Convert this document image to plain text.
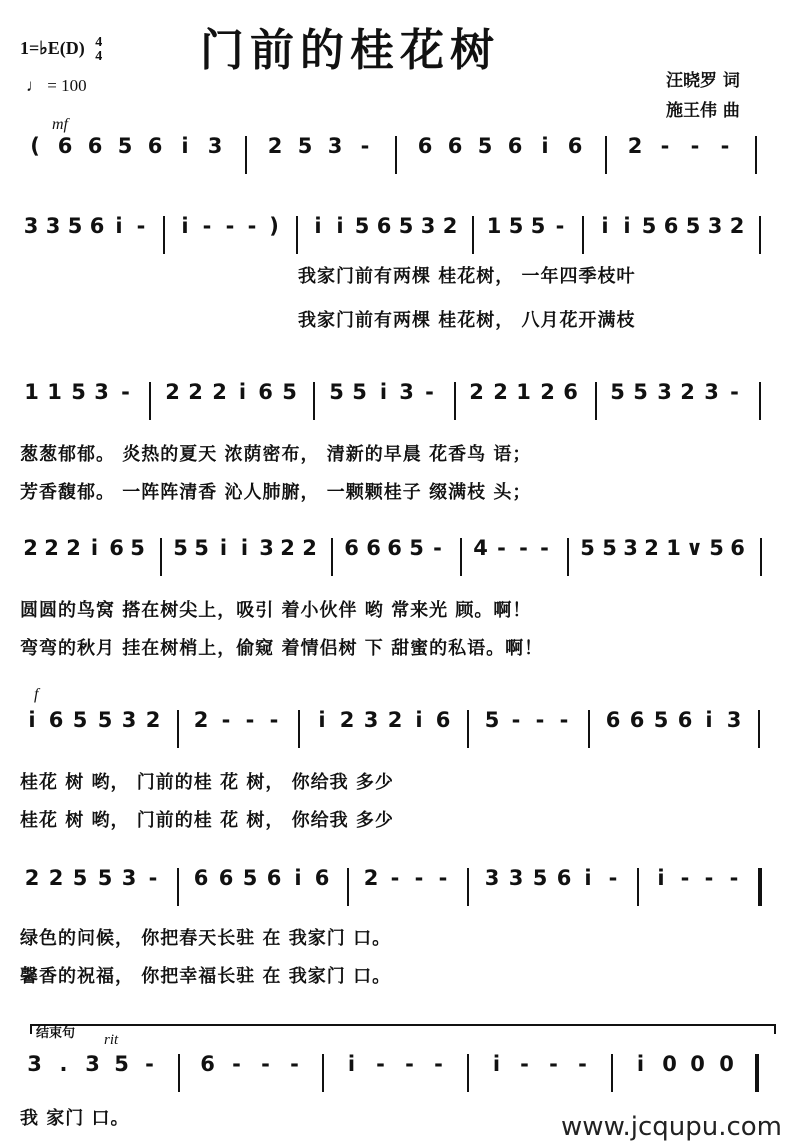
1=♭E(D) 4
4
♩ = 100
门前的桂花树
汪晓罗 词
施王伟 曲
mf
f
结束句 rit
( 6 6 5 6 i 3	2 5 3 -	6 6 5 6 i 6	2 -	-	-
3 3 5 6 i -	i - - - )	i i 5 6 5 3 2 1 5 5 -	i i 5 6 5 3 2
1 1 5 3 -	2 2 2 i 6 5 5 5 i 3 -	2 2 1 2 6 5 5 3 2 3 -
2 2 2 i 6 5 5 5 i i 3 2 2 6 6 6 5 - 4 - - - 5 5 3 2 1 ∨ 5 6
i 6 5 5 3 2 2 - - -	i 2 3 2 i 6 5 - - -	6 6 5 6 i 3
2 2 5 5 3 -	6 6 5 6 i 6 2 - - -	3 3 5 6 i -	i - - -
3 . 3 5 -	6 - - -	i	- - -	i - - -	i 0 0 0
我家门前有两棵 桂花树， 一年四季枝叶
我家门前有两棵 桂花树， 八月花开满枝
葱葱郁郁。 炎热的夏天 浓荫密布， 清新的早晨 花香鸟 语；
芳香馥郁。 一阵阵清香 沁人肺腑， 一颗颗桂子 缀满枝 头；
圆圆的鸟窝 搭在树尖上，吸引 着小伙伴 哟 常来光 顾。啊！
弯弯的秋月 挂在树梢上，偷窥 着情侣树 下 甜蜜的私语。啊！
桂花 树 哟， 门前的桂 花 树， 你给我 多少
桂花 树 哟， 门前的桂 花 树， 你给我 多少
绿色的问候， 你把春天长驻 在 我家门 口。
馨香的祝福， 你把幸福长驻 在 我家门 口。
我 家门 口。	www.jcqupu.com
